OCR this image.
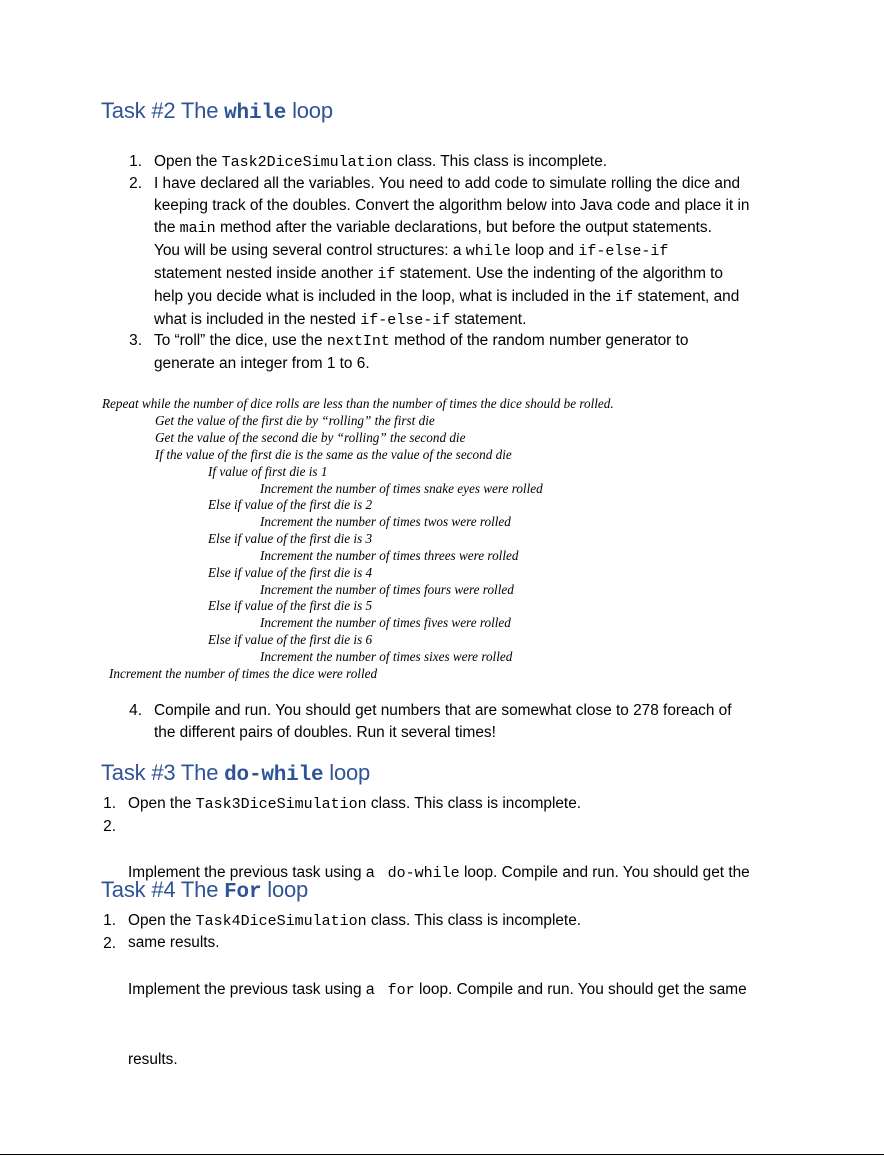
Task #2 The while loop
1. Open the Task2DiceSimulation class. This class is incomplete.
2. I have declared all the variables. You need to add code to simulate rolling the dice and
keeping track of the doubles. Convert the algorithm below into Java code and place it in
the main method after the variable declarations, but before the output statements.
You will be using several control structures: a while loop and if-else-if
statement nested inside another if statement. Use the indenting of the algorithm to
help you decide what is included in the loop, what is included in the if statement, and
what is included in the nested if-else-if statement.
3. To “roll” the dice, use the nextInt method of the random number generator to
generate an integer from 1 to 6.
Repeat while the number of dice rolls are less than the number of times the dice should be rolled.
Get the value of the first die by “rolling” the first die
Get the value of the second die by “rolling” the second die
If the value of the first die is the same as the value of the second die
If value of first die is 1
Increment the number of times snake eyes were rolled
Else if value of the first die is 2
Increment the number of times twos were rolled
Else if value of the first die is 3
Increment the number of times threes were rolled
Else if value of the first die is 4
Increment the number of times fours were rolled
Else if value of the first die is 5
Increment the number of times fives were rolled
Else if value of the first die is 6
Increment the number of times sixes were rolled
Increment the number of times the dice were rolled
4. Compile and run. You should get numbers that are somewhat close to 278 foreach of
the different pairs of doubles. Run it several times!
Task #3 The do-while loop
1. Open the Task3DiceSimulation class. This class is incomplete.
2.

Implement the previous task using a  do-while loop. Compile and run. You should get the

same results.

Task #4 The For loop
1. Open the Task4DiceSimulation class. This class is incomplete.
2.

Implement the previous task using a  for loop. Compile and run. You should get the same

results.
